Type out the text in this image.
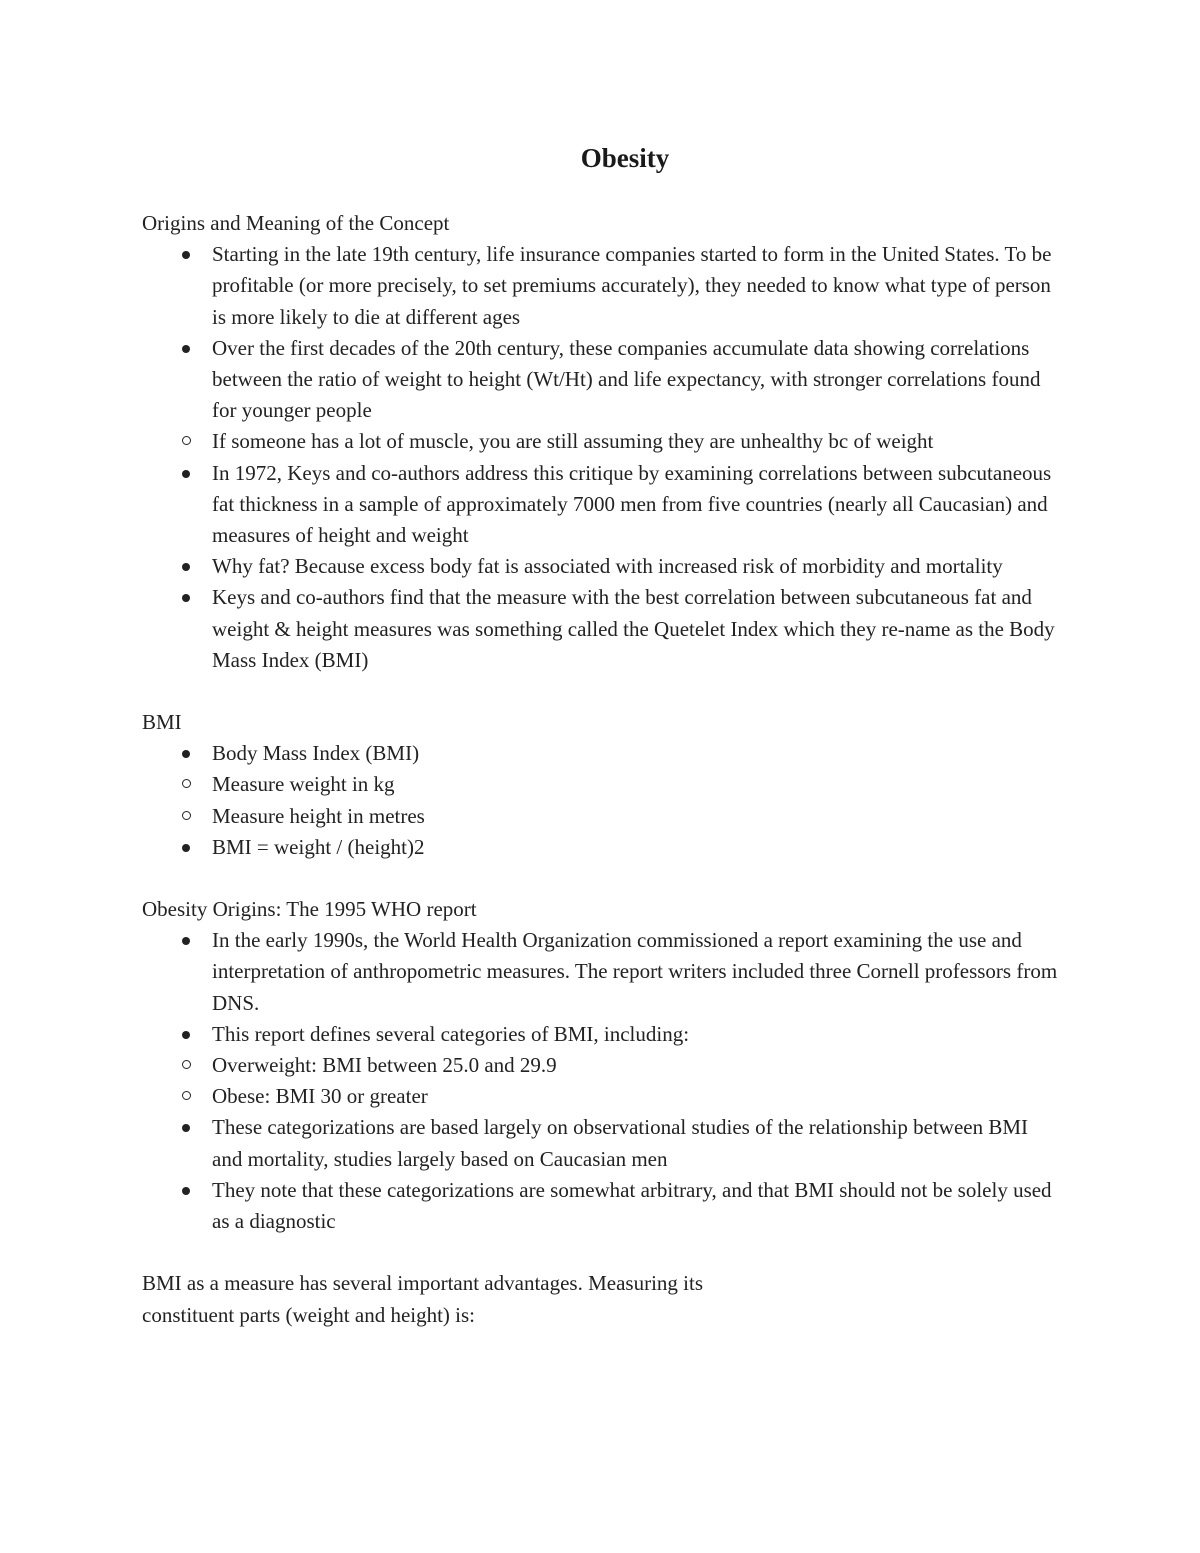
Obesity

Origins and Meaning of the Concept

Starting in the late 19th century, life insurance companies started to form in the United States. To be profitable (or more precisely, to set premiums accurately), they needed to know what type of person is more likely to die at different ages
Over the first decades of the 20th century, these companies accumulate data showing correlations between the ratio of weight to height (Wt/Ht) and life expectancy, with stronger correlations found for younger people
If someone has a lot of muscle, you are still assuming they are unhealthy bc of weight
In 1972, Keys and co-authors address this critique by examining correlations between subcutaneous fat thickness in a sample of approximately 7000 men from five countries (nearly all Caucasian) and measures of height and weight
Why fat? Because excess body fat is associated with increased risk of morbidity and mortality
Keys and co-authors find that the measure with the best correlation between subcutaneous fat and weight & height measures was something called the Quetelet Index which they re-name as the Body Mass Index (BMI)

BMI

Body Mass Index (BMI)
Measure weight in kg
Measure height in metres
BMI = weight / (height)2

Obesity Origins: The 1995 WHO report

In the early 1990s, the World Health Organization commissioned a report examining the use and interpretation of anthropometric measures. The report writers included three Cornell professors from DNS.
This report defines several categories of BMI, including:
Overweight: BMI between 25.0 and 29.9
Obese: BMI 30 or greater
These categorizations are based largely on observational studies of the relationship between BMI and mortality, studies largely based on Caucasian men
They note that these categorizations are somewhat arbitrary, and that BMI should not be solely used as a diagnostic

BMI as a measure has several important advantages. Measuring its constituent parts (weight and height) is:
